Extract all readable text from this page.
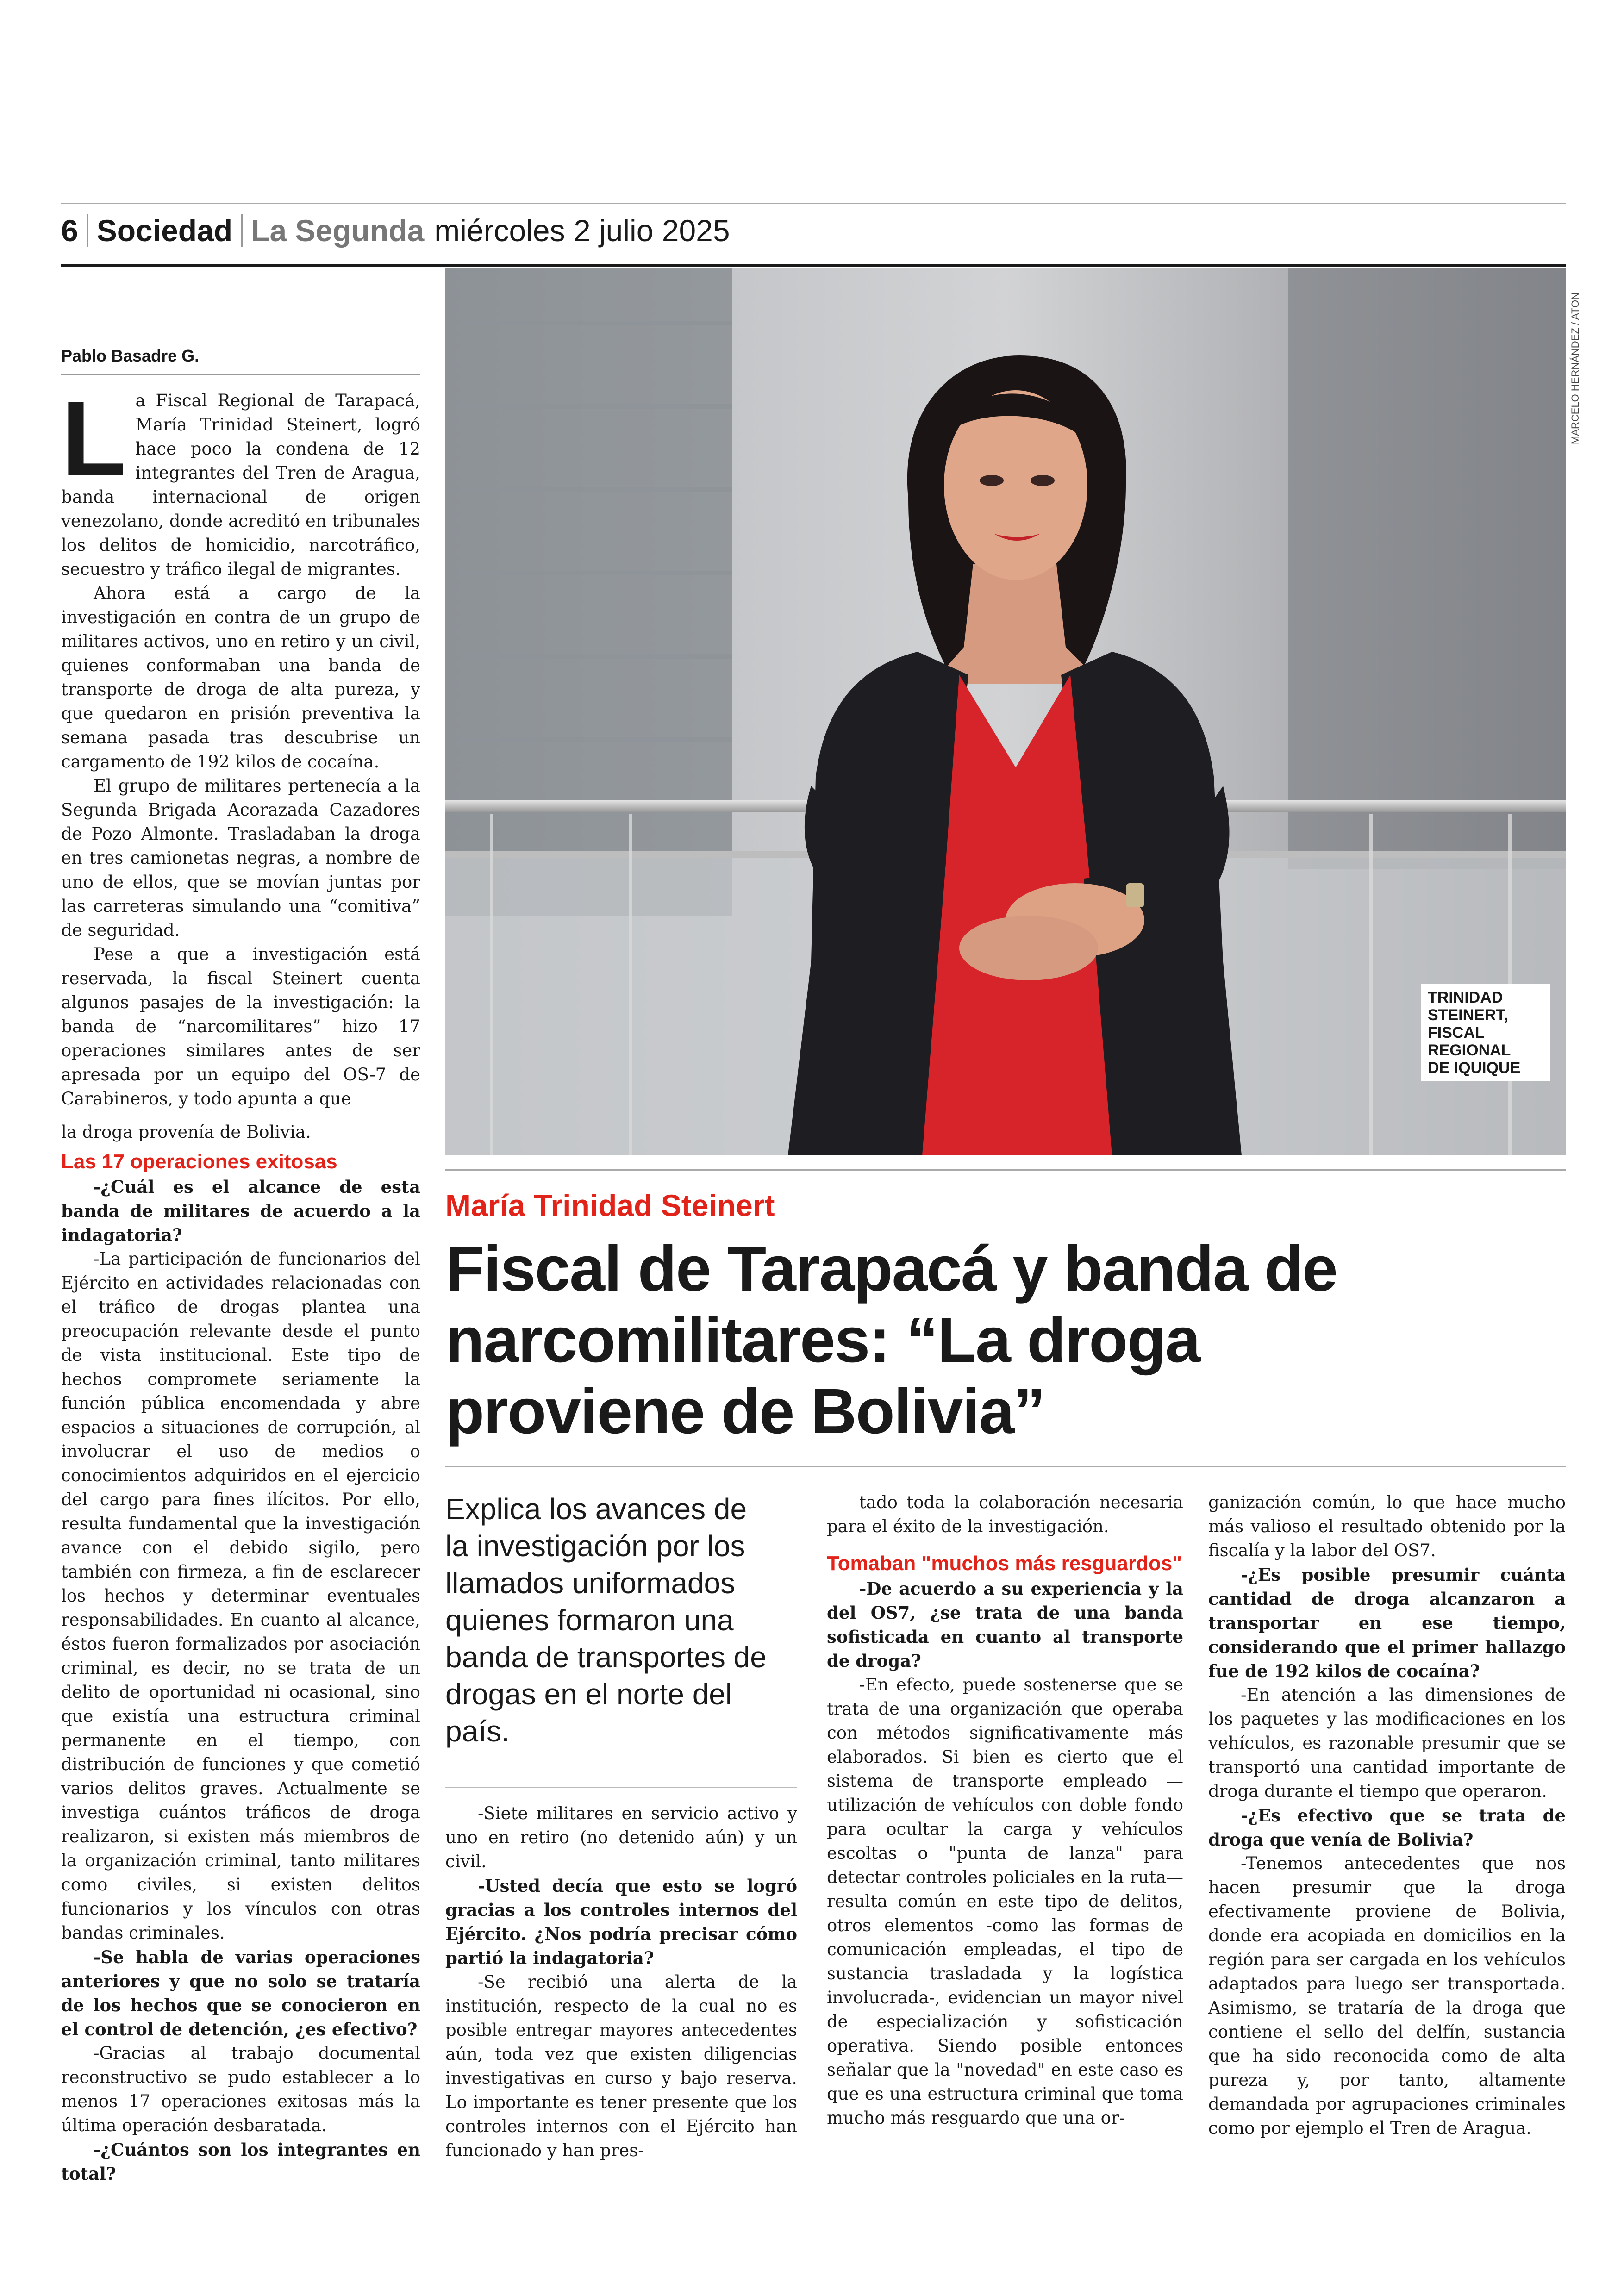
6 Sociedad La Segunda miércoles 2 julio 2025
MARCELO HERNÁNDEZ / ATON
TRINIDAD
STEINERT,
FISCAL
REGIONAL
DE IQUIQUE
Pablo Basadre G.
L a Fiscal Regional de Tarapacá, María Trinidad Steinert, logró hace poco la condena de 12 integrantes del Tren de Aragua, banda internacional de origen venezolano, donde acreditó en tribunales los delitos de homicidio, narcotráfico, secuestro y tráfico ilegal de migrantes.

Ahora está a cargo de la investigación en contra de un grupo de militares activos, uno en retiro y un civil, quienes conformaban una banda de transporte de droga de alta pureza, y que quedaron en prisión preventiva la semana pasada tras descubrise un cargamento de 192 kilos de cocaína.

El grupo de militares pertenecía a la Segunda Brigada Acorazada Cazadores de Pozo Almonte. Trasladaban la droga en tres camionetas negras, a nombre de uno de ellos, que se movían juntas por las carreteras simulando una “comitiva” de seguridad.

Pese a que a investigación está reservada, la fiscal Steinert cuenta algunos pasajes de la investigación: la banda de “narcomilitares” hizo 17 operaciones similares antes de ser apresada por un equipo del OS-7 de Carabineros, y todo apunta a que

la droga provenía de Bolivia.

Las 17 operaciones exitosas

-¿Cuál es el alcance de esta banda de militares de acuerdo a la indagatoria?

-La participación de funcionarios del Ejército en actividades relacionadas con el tráfico de drogas plantea una preocupación relevante desde el punto de vista institucional. Este tipo de hechos compromete seriamente la función pública encomendada y abre espacios a situaciones de corrupción, al involucrar el uso de medios o conocimientos adquiridos en el ejercicio del cargo para fines ilícitos. Por ello, resulta fundamental que la investigación avance con el debido sigilo, pero también con firmeza, a fin de esclarecer los hechos y determinar eventuales responsabilidades. En cuanto al alcance, éstos fueron formalizados por asociación criminal, es decir, no se trata de un delito de oportunidad ni ocasional, sino que existía una estructura criminal permanente en el tiempo, con distribución de funciones y que cometió varios delitos graves. Actualmente se investiga cuántos tráficos de droga realizaron, si existen más miembros de la organización criminal, tanto militares como civiles, si existen delitos funcionarios y los vínculos con otras bandas criminales.

-Se habla de varias operaciones anteriores y que no solo se trataría de los hechos que se conocieron en el control de detención, ¿es efectivo?

-Gracias al trabajo documental reconstructivo se pudo establecer a lo menos 17 operaciones exitosas más la última operación desbaratada.

-¿Cuántos son los integrantes en total?

María Trinidad Steinert
Fiscal de Tarapacá y banda de
narcomilitares: “La droga
proviene de Bolivia”
Explica los avances de la investigación por los llamados uniformados quienes formaron una banda de transportes de drogas en el norte del país.

-Siete militares en servicio activo y uno en retiro (no detenido aún) y un civil.

-Usted decía que esto se logró gracias a los controles internos del Ejército. ¿Nos podría precisar cómo partió la indagatoria?

-Se recibió una alerta de la institución, respecto de la cual no es posible entregar mayores antecedentes aún, toda vez que existen diligencias investigativas en curso y bajo reserva. Lo importante es tener presente que los controles internos con el Ejército han funcionado y han pres-

tado toda la colaboración necesaria para el éxito de la investigación.

Tomaban "muchos más resguardos"

-De acuerdo a su experiencia y la del OS7, ¿se trata de una banda sofisticada en cuanto al transporte de droga?

-En efecto, puede sostenerse que se trata de una organización que operaba con métodos significativamente más elaborados. Si bien es cierto que el sistema de transporte empleado —utilización de vehículos con doble fondo para ocultar la carga y vehículos escoltas o "punta de lanza" para detectar controles policiales en la ruta— resulta común en este tipo de delitos, otros elementos -como las formas de comunicación empleadas, el tipo de sustancia trasladada y la logística involucrada-, evidencian un mayor nivel de especialización y sofisticación operativa. Siendo posible entonces señalar que la "novedad" en este caso es que es una estructura criminal que toma mucho más resguardo que una or-

ganización común, lo que hace mucho más valioso el resultado obtenido por la fiscalía y la labor del OS7.

-¿Es posible presumir cuánta cantidad de droga alcanzaron a transportar en ese tiempo, considerando que el primer hallazgo fue de 192 kilos de cocaína?

-En atención a las dimensiones de los paquetes y las modificaciones en los vehículos, es razonable presumir que se transportó una cantidad importante de droga durante el tiempo que operaron.

-¿Es efectivo que se trata de droga que venía de Bolivia?

-Tenemos antecedentes que nos hacen presumir que la droga efectivamente proviene de Bolivia, donde era acopiada en domicilios en la región para ser cargada en los vehículos adaptados para luego ser transportada. Asimismo, se trataría de la droga que contiene el sello del delfín, sustancia que ha sido reconocida como de alta pureza y, por tanto, altamente demandada por agrupaciones criminales como por ejemplo el Tren de Aragua.
